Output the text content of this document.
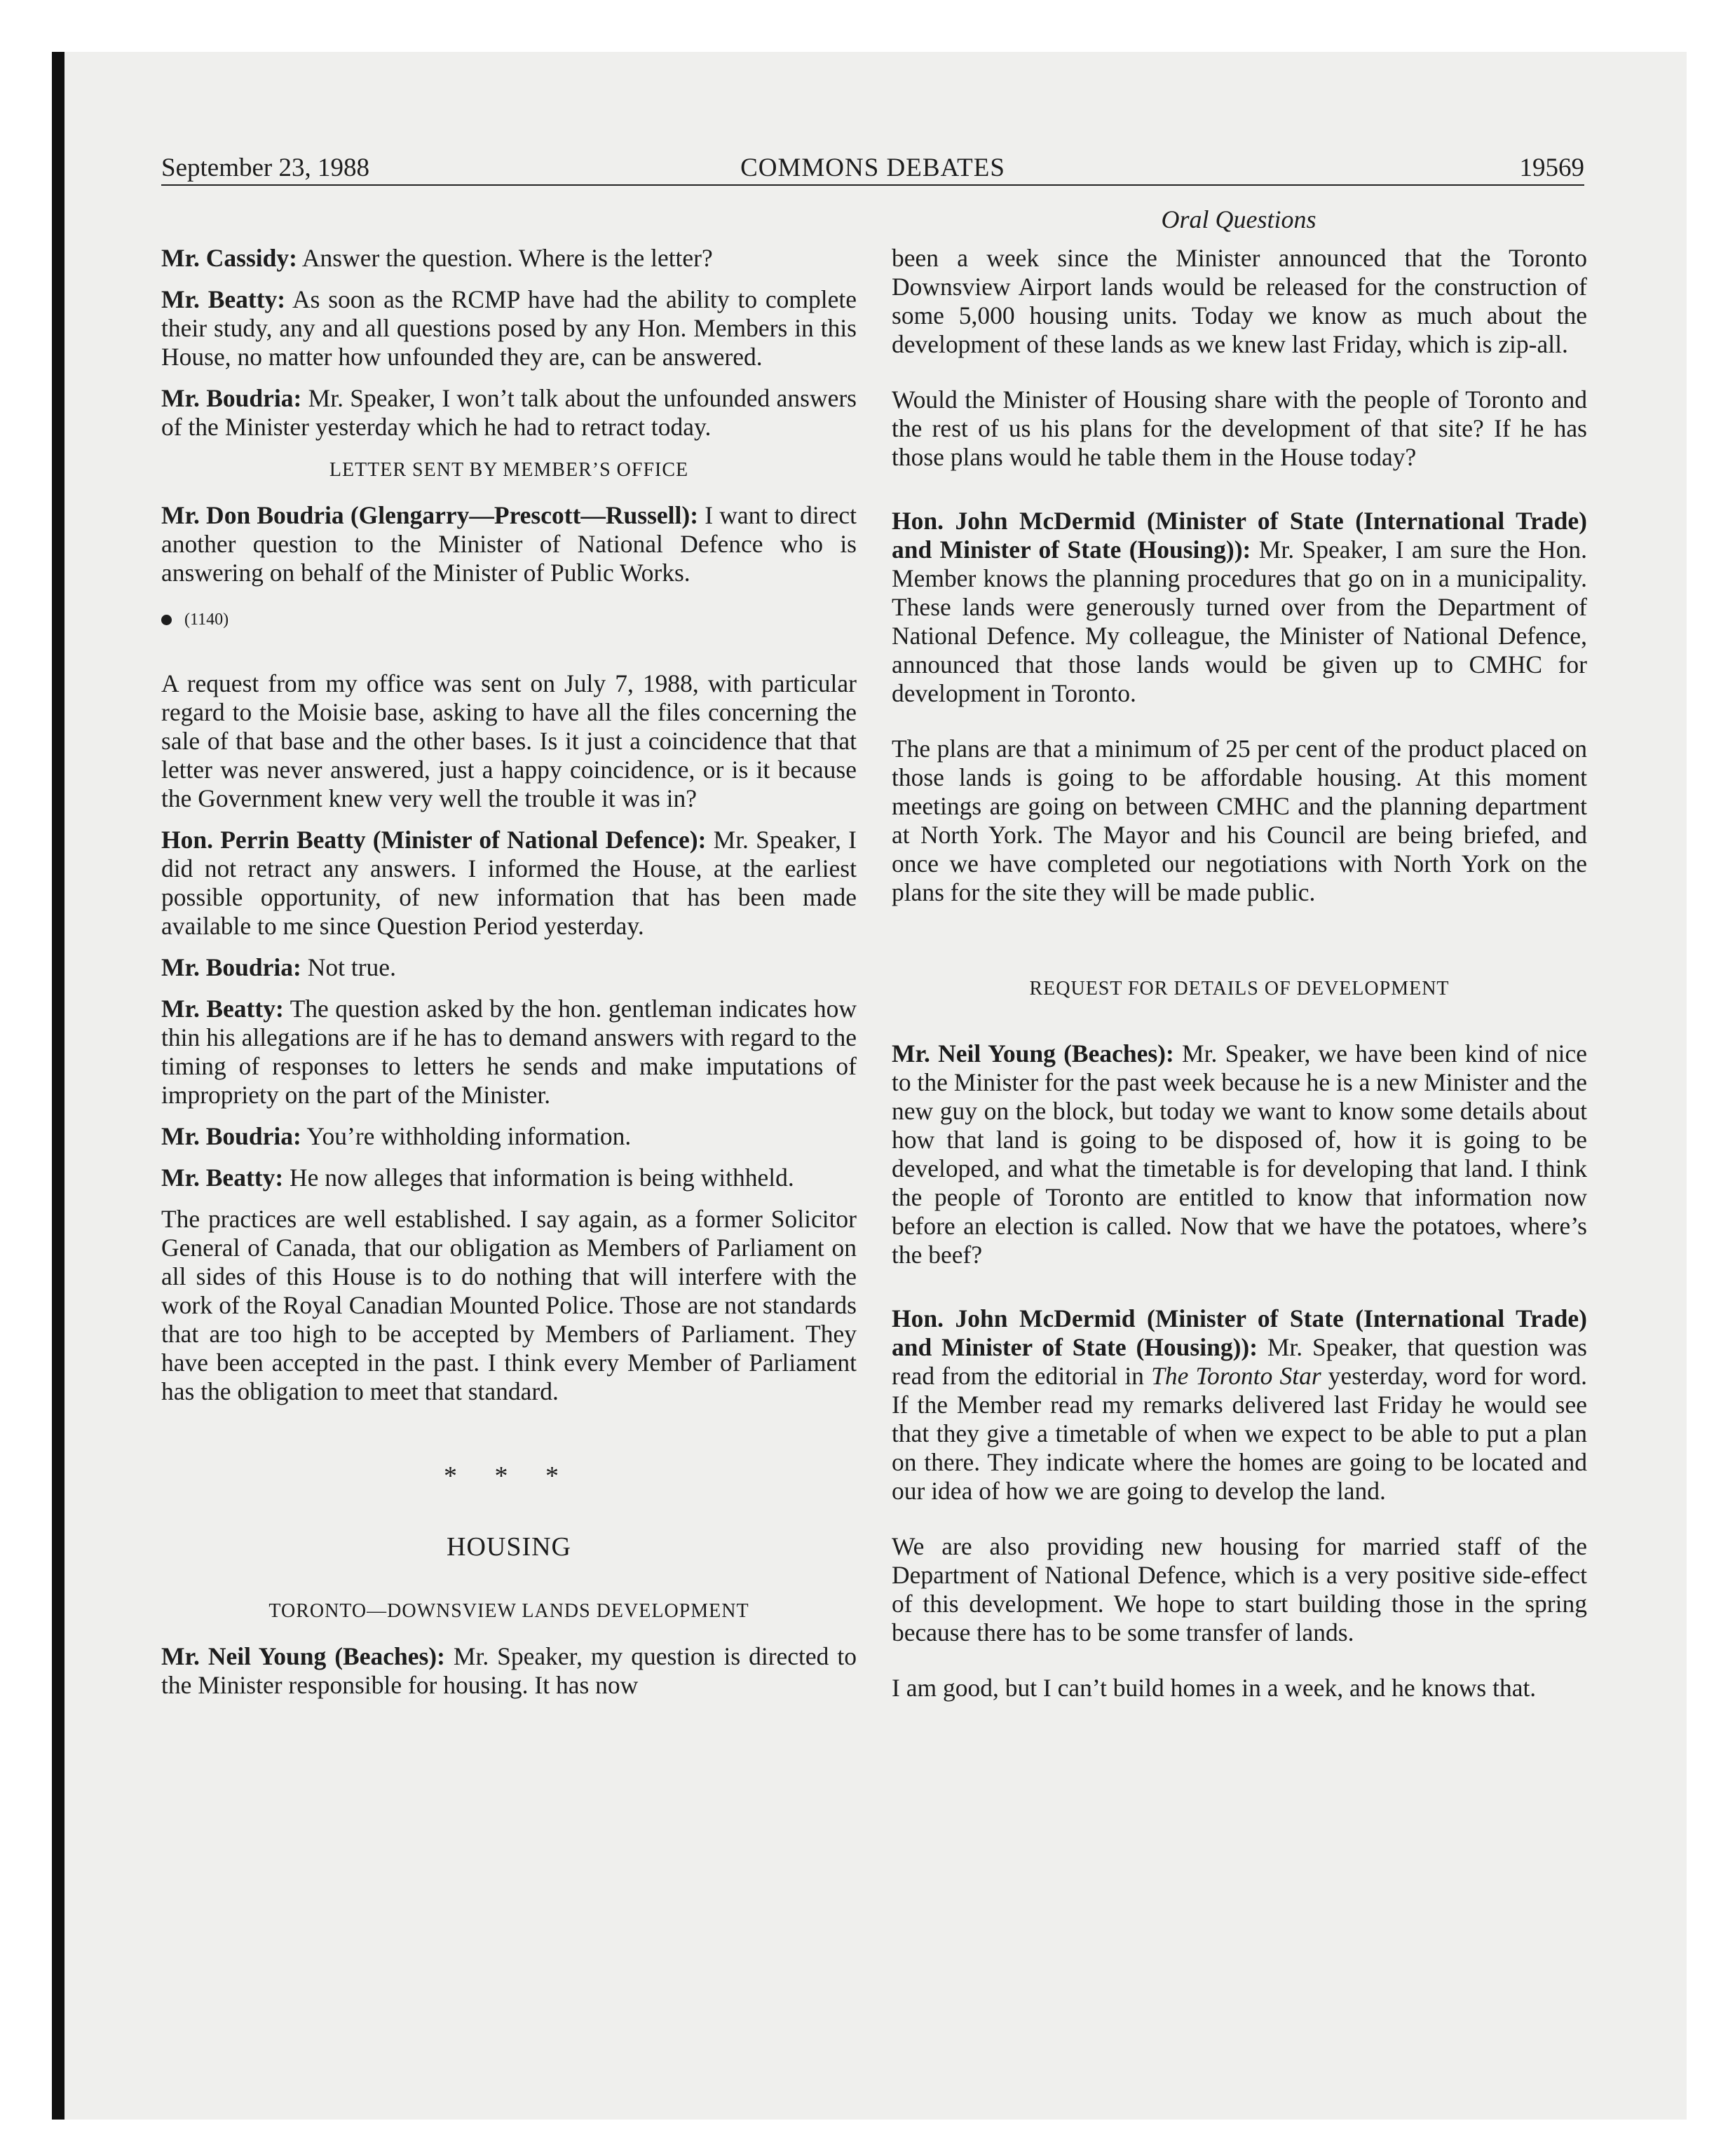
COMMONS DEBATES
September 23, 1988	19569
Oral Questions

Mr. Cassidy: Answer the question. Where is the letter?

Mr. Beatty: As soon as the RCMP have had the ability to complete their study, any and all questions posed by any Hon. Members in this House, no matter how unfounded they are, can be answered.

Mr. Boudria: Mr. Speaker, I won’t talk about the unfounded answers of the Minister yesterday which he had to retract today.

LETTER SENT BY MEMBER’S OFFICE

Mr. Don Boudria (Glengarry—Prescott—Russell): I want to direct another question to the Minister of National Defence who is answering on behalf of the Minister of Public Works.

(1140)

A request from my office was sent on July 7, 1988, with particular regard to the Moisie base, asking to have all the files concerning the sale of that base and the other bases. Is it just a coincidence that that letter was never answered, just a happy coincidence, or is it because the Government knew very well the trouble it was in?

Hon. Perrin Beatty (Minister of National Defence): Mr. Speaker, I did not retract any answers. I informed the House, at the earliest possible opportunity, of new information that has been made available to me since Question Period yesterday.

Mr. Boudria: Not true.

Mr. Beatty: The question asked by the hon. gentleman indicates how thin his allegations are if he has to demand answers with regard to the timing of responses to letters he sends and make imputations of impropriety on the part of the Minister.

Mr. Boudria: You’re withholding information.

Mr. Beatty: He now alleges that information is being withheld.

The practices are well established. I say again, as a former Solicitor General of Canada, that our obligation as Members of Parliament on all sides of this House is to do nothing that will interfere with the work of the Royal Canadian Mounted Police. Those are not standards that are too high to be accepted by Members of Parliament. They have been accepted in the past. I think every Member of Parliament has the obligation to meet that standard.

* * *
HOUSING
TORONTO—DOWNSVIEW LANDS DEVELOPMENT

Mr. Neil Young (Beaches): Mr. Speaker, my question is directed to the Minister responsible for housing. It has now

been a week since the Minister announced that the Toronto Downsview Airport lands would be released for the construction of some 5,000 housing units. Today we know as much about the development of these lands as we knew last Friday, which is zip-all.

Would the Minister of Housing share with the people of Toronto and the rest of us his plans for the development of that site? If he has those plans would he table them in the House today?

Hon. John McDermid (Minister of State (International Trade) and Minister of State (Housing)): Mr. Speaker, I am sure the Hon. Member knows the planning procedures that go on in a municipality. These lands were generously turned over from the Department of National Defence. My colleague, the Minister of National Defence, announced that those lands would be given up to CMHC for development in Toronto.

The plans are that a minimum of 25 per cent of the product placed on those lands is going to be affordable housing. At this moment meetings are going on between CMHC and the planning department at North York. The Mayor and his Council are being briefed, and once we have completed our negotiations with North York on the plans for the site they will be made public.

REQUEST FOR DETAILS OF DEVELOPMENT

Mr. Neil Young (Beaches): Mr. Speaker, we have been kind of nice to the Minister for the past week because he is a new Minister and the new guy on the block, but today we want to know some details about how that land is going to be disposed of, how it is going to be developed, and what the timetable is for developing that land. I think the people of Toronto are entitled to know that information now before an election is called. Now that we have the potatoes, where’s the beef?

Hon. John McDermid (Minister of State (International Trade) and Minister of State (Housing)): Mr. Speaker, that question was read from the editorial in The Toronto Star yesterday, word for word. If the Member read my remarks delivered last Friday he would see that they give a timetable of when we expect to be able to put a plan on there. They indicate where the homes are going to be located and our idea of how we are going to develop the land.

We are also providing new housing for married staff of the Department of National Defence, which is a very positive side-effect of this development. We hope to start building those in the spring because there has to be some transfer of lands.

I am good, but I can’t build homes in a week, and he knows that.
